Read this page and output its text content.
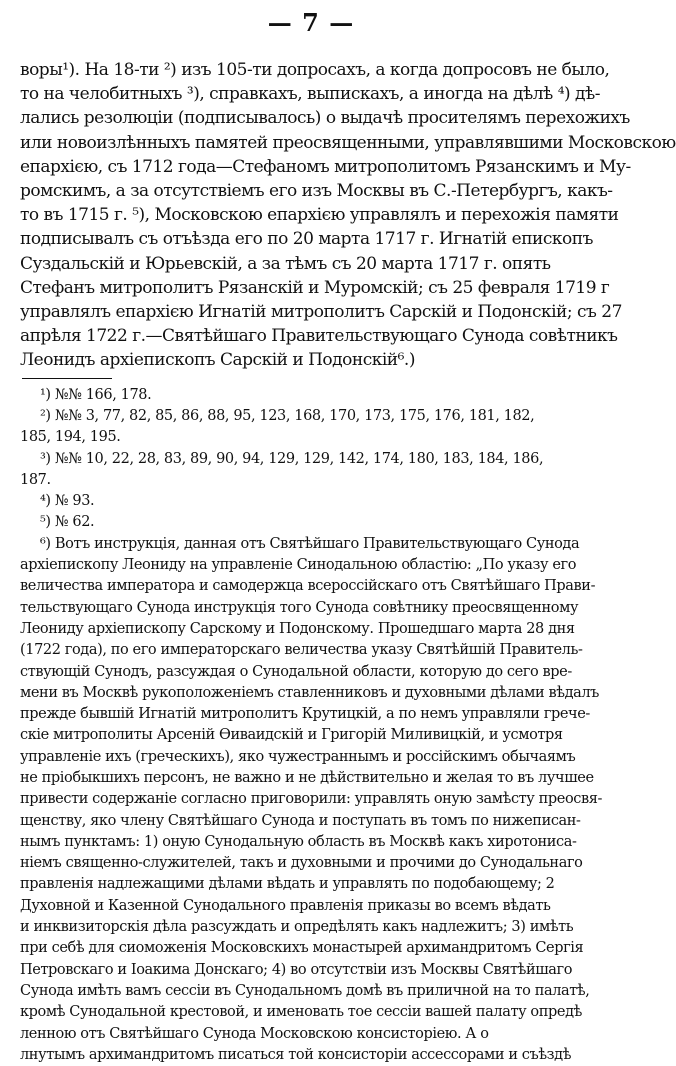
— 7 —
воры¹). На 18-ти ²) изъ 105-ти допросахъ, а когда допросовъ не было,
то на челобитныхъ ³), справкахъ, выпискахъ, а иногда на дѣлѣ ⁴) дѣ-
лались резолюціи (подписывалось) о выдачѣ просителямъ перехожихъ
или новоизлѣнныхъ памятей преосвященными, управлявшими Московскою
епархією, съ 1712 года—Стефаномъ митрополитомъ Рязанскимъ и Му-
ромскимъ, а за отсутствіемъ его изъ Москвы въ С.-Петербургъ, какъ-
то въ 1715 г. ⁵), Московскою епархією управлялъ и перехожія памяти
подписывалъ съ отъѣзда его по 20 марта 1717 г. Игнатій епископъ
Суздальскій и Юрьевскій, а за тѣмъ съ 20 марта 1717 г. опять
Стефанъ митрополитъ Рязанскій и Муромскій; съ 25 февраля 1719 г
управлялъ епархією Игнатій митрополитъ Сарскій и Подонскій; съ 27
апрѣля 1722 г.—Святѣйшаго Правительствующаго Сунода совѣтникъ
Леонидъ архіепископъ Сарскій и Подонскій⁶.)
¹) №№ 166, 178.
²) №№ 3, 77, 82, 85, 86, 88, 95, 123, 168, 170, 173, 175, 176, 181, 182,
185, 194, 195.
³) №№ 10, 22, 28, 83, 89, 90, 94, 129, 129, 142, 174, 180, 183, 184, 186,
187.
⁴) № 93.
⁵) № 62.
⁶) Вотъ инструкція, данная отъ Святѣйшаго Правительствующаго Сунода
архіепископу Леониду на управленіе Синодальною областію: „По указу его
величества императора и самодержца всероссійскаго отъ Святѣйшаго Прави-
тельствующаго Сунода инструкція того Сунода совѣтнику преосвященному
Леониду архіепископу Сарскому и Подонскому. Прошедшаго марта 28 дня
(1722 года), по его императорскаго величества указу Святѣйшій Правитель-
ствующій Сунодъ, разсуждая о Сунодальной области, которую до сего вре-
мени въ Москвѣ рукоположеніемъ ставленниковъ и духовными дѣлами вѣдалъ
прежде бывшій Игнатій митрополитъ Крутицкій, а по немъ управляли грече-
скіе митрополиты Арсеній Өиваидскій и Григорій Миливицкій, и усмотря
управленіе ихъ (греческихъ), яко чужестраннымъ и россійскимъ обычаямъ
не пріобыкшихъ персонъ, не важно и не дѣйствительно и желая то въ лучшее
привести содержаніе согласно приговорили: управлять оную замѣсту преосвя-
щенству, яко члену Святѣйшаго Сунода и поступать въ томъ по нижеписан-
нымъ пунктамъ: 1) оную Сунодальную область въ Москвѣ какъ хиротониса-
ніемъ священно-служителей, такъ и духовными и прочими до Сунодальнаго
правленія надлежащими дѣлами вѣдать и управлять по подобающему; 2
Духовной и Казенной Сунодального правленія приказы во всемъ вѣдать
и инквизиторскія дѣла разсуждать и опредѣлять какъ надлежитъ; 3) имѣть
при себѣ для сиоможенія Московскихъ монастырей архимандритомъ Сергія
Петровскаго и Іоакима Донскаго; 4) во отсутствіи изъ Москвы Святѣйшаго
Сунода имѣть вамъ сессіи въ Сунодальномъ домѣ въ приличной на то палатѣ,
кромѣ Сунодальной крестовой, и именовать тое сессіи вашей палату опредѣ
ленною отъ Святѣйшаго Сунода Московскою консисторіею. А о
лнутымъ архимандритомъ писаться той консисторіи ассессорами и съѣздѣ
